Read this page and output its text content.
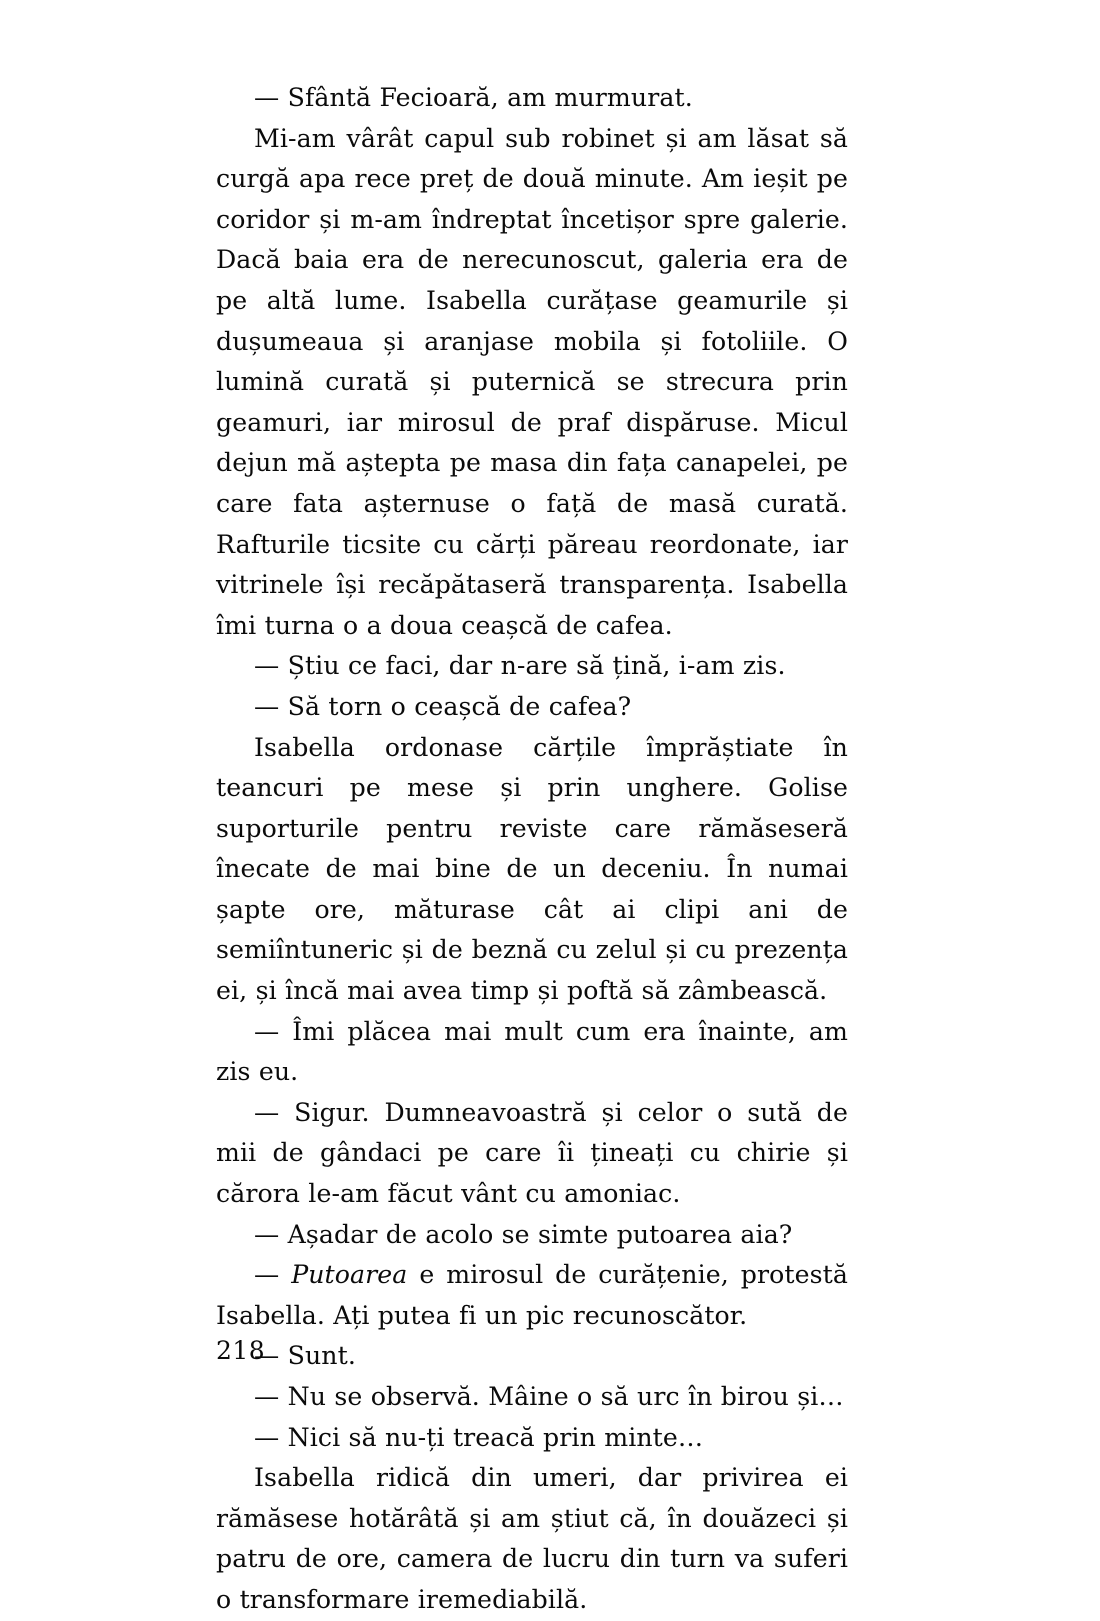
— Sfântă Fecioară, am murmurat.

Mi-am vârât capul sub robinet și am lăsat să curgă apa rece preț de două minute. Am ieșit pe coridor și m-am îndreptat încetișor spre galerie. Dacă baia era de nerecunoscut, galeria era de pe altă lume. Isabella curățase geamurile și dușumeaua și aranjase mobila și fotoliile. O lumină curată și puternică se strecura prin geamuri, iar mirosul de praf dispăruse. Micul dejun mă aștepta pe masa din fața canapelei, pe care fata așternuse o față de masă curată. Rafturile ticsite cu cărți păreau reordonate, iar vitrinele își recăpătaseră transparența. Isabella îmi turna o a doua ceașcă de cafea.

— Știu ce faci, dar n-are să țină, i-am zis.

— Să torn o ceașcă de cafea?

Isabella ordonase cărțile împrăștiate în teancuri pe mese și prin unghere. Golise suporturile pentru reviste care rămăseseră înecate de mai bine de un deceniu. În numai șapte ore, măturase cât ai clipi ani de semiîntuneric și de beznă cu zelul și cu prezența ei, și încă mai avea timp și poftă să zâmbească.

— Îmi plăcea mai mult cum era înainte, am zis eu.

— Sigur. Dumneavoastră și celor o sută de mii de gândaci pe care îi țineați cu chirie și cărora le-am făcut vânt cu amoniac.

— Așadar de acolo se simte putoarea aia?

— Putoarea e mirosul de curățenie, protestă Isabella. Ați putea fi un pic recunoscător.

— Sunt.

— Nu se observă. Mâine o să urc în birou și…

— Nici să nu-ți treacă prin minte…

Isabella ridică din umeri, dar privirea ei rămăsese hotărâtă și am știut că, în douăzeci și patru de ore, camera de lucru din turn va suferi o transformare iremediabilă.

218
